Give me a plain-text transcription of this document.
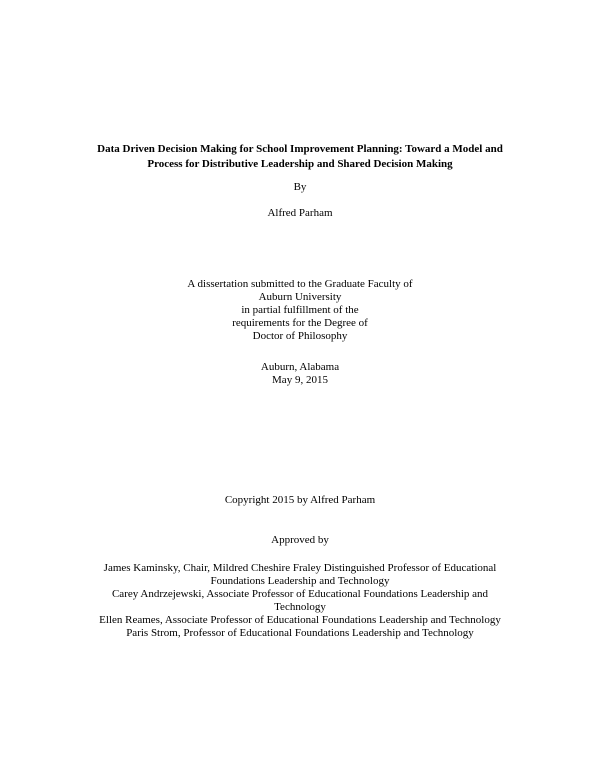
Data Driven Decision Making for School Improvement Planning: Toward a Model and
Process for Distributive Leadership and Shared Decision Making
By
Alfred Parham
A dissertation submitted to the Graduate Faculty of
Auburn University
in partial fulfillment of the
requirements for the Degree of
Doctor of Philosophy
Auburn, Alabama
May 9, 2015
Copyright 2015 by Alfred Parham
Approved by
James Kaminsky, Chair, Mildred Cheshire Fraley Distinguished Professor of Educational
Foundations Leadership and Technology
Carey Andrzejewski, Associate Professor of Educational Foundations Leadership and
Technology
Ellen Reames, Associate Professor of Educational Foundations Leadership and Technology
Paris Strom, Professor of Educational Foundations Leadership and Technology
